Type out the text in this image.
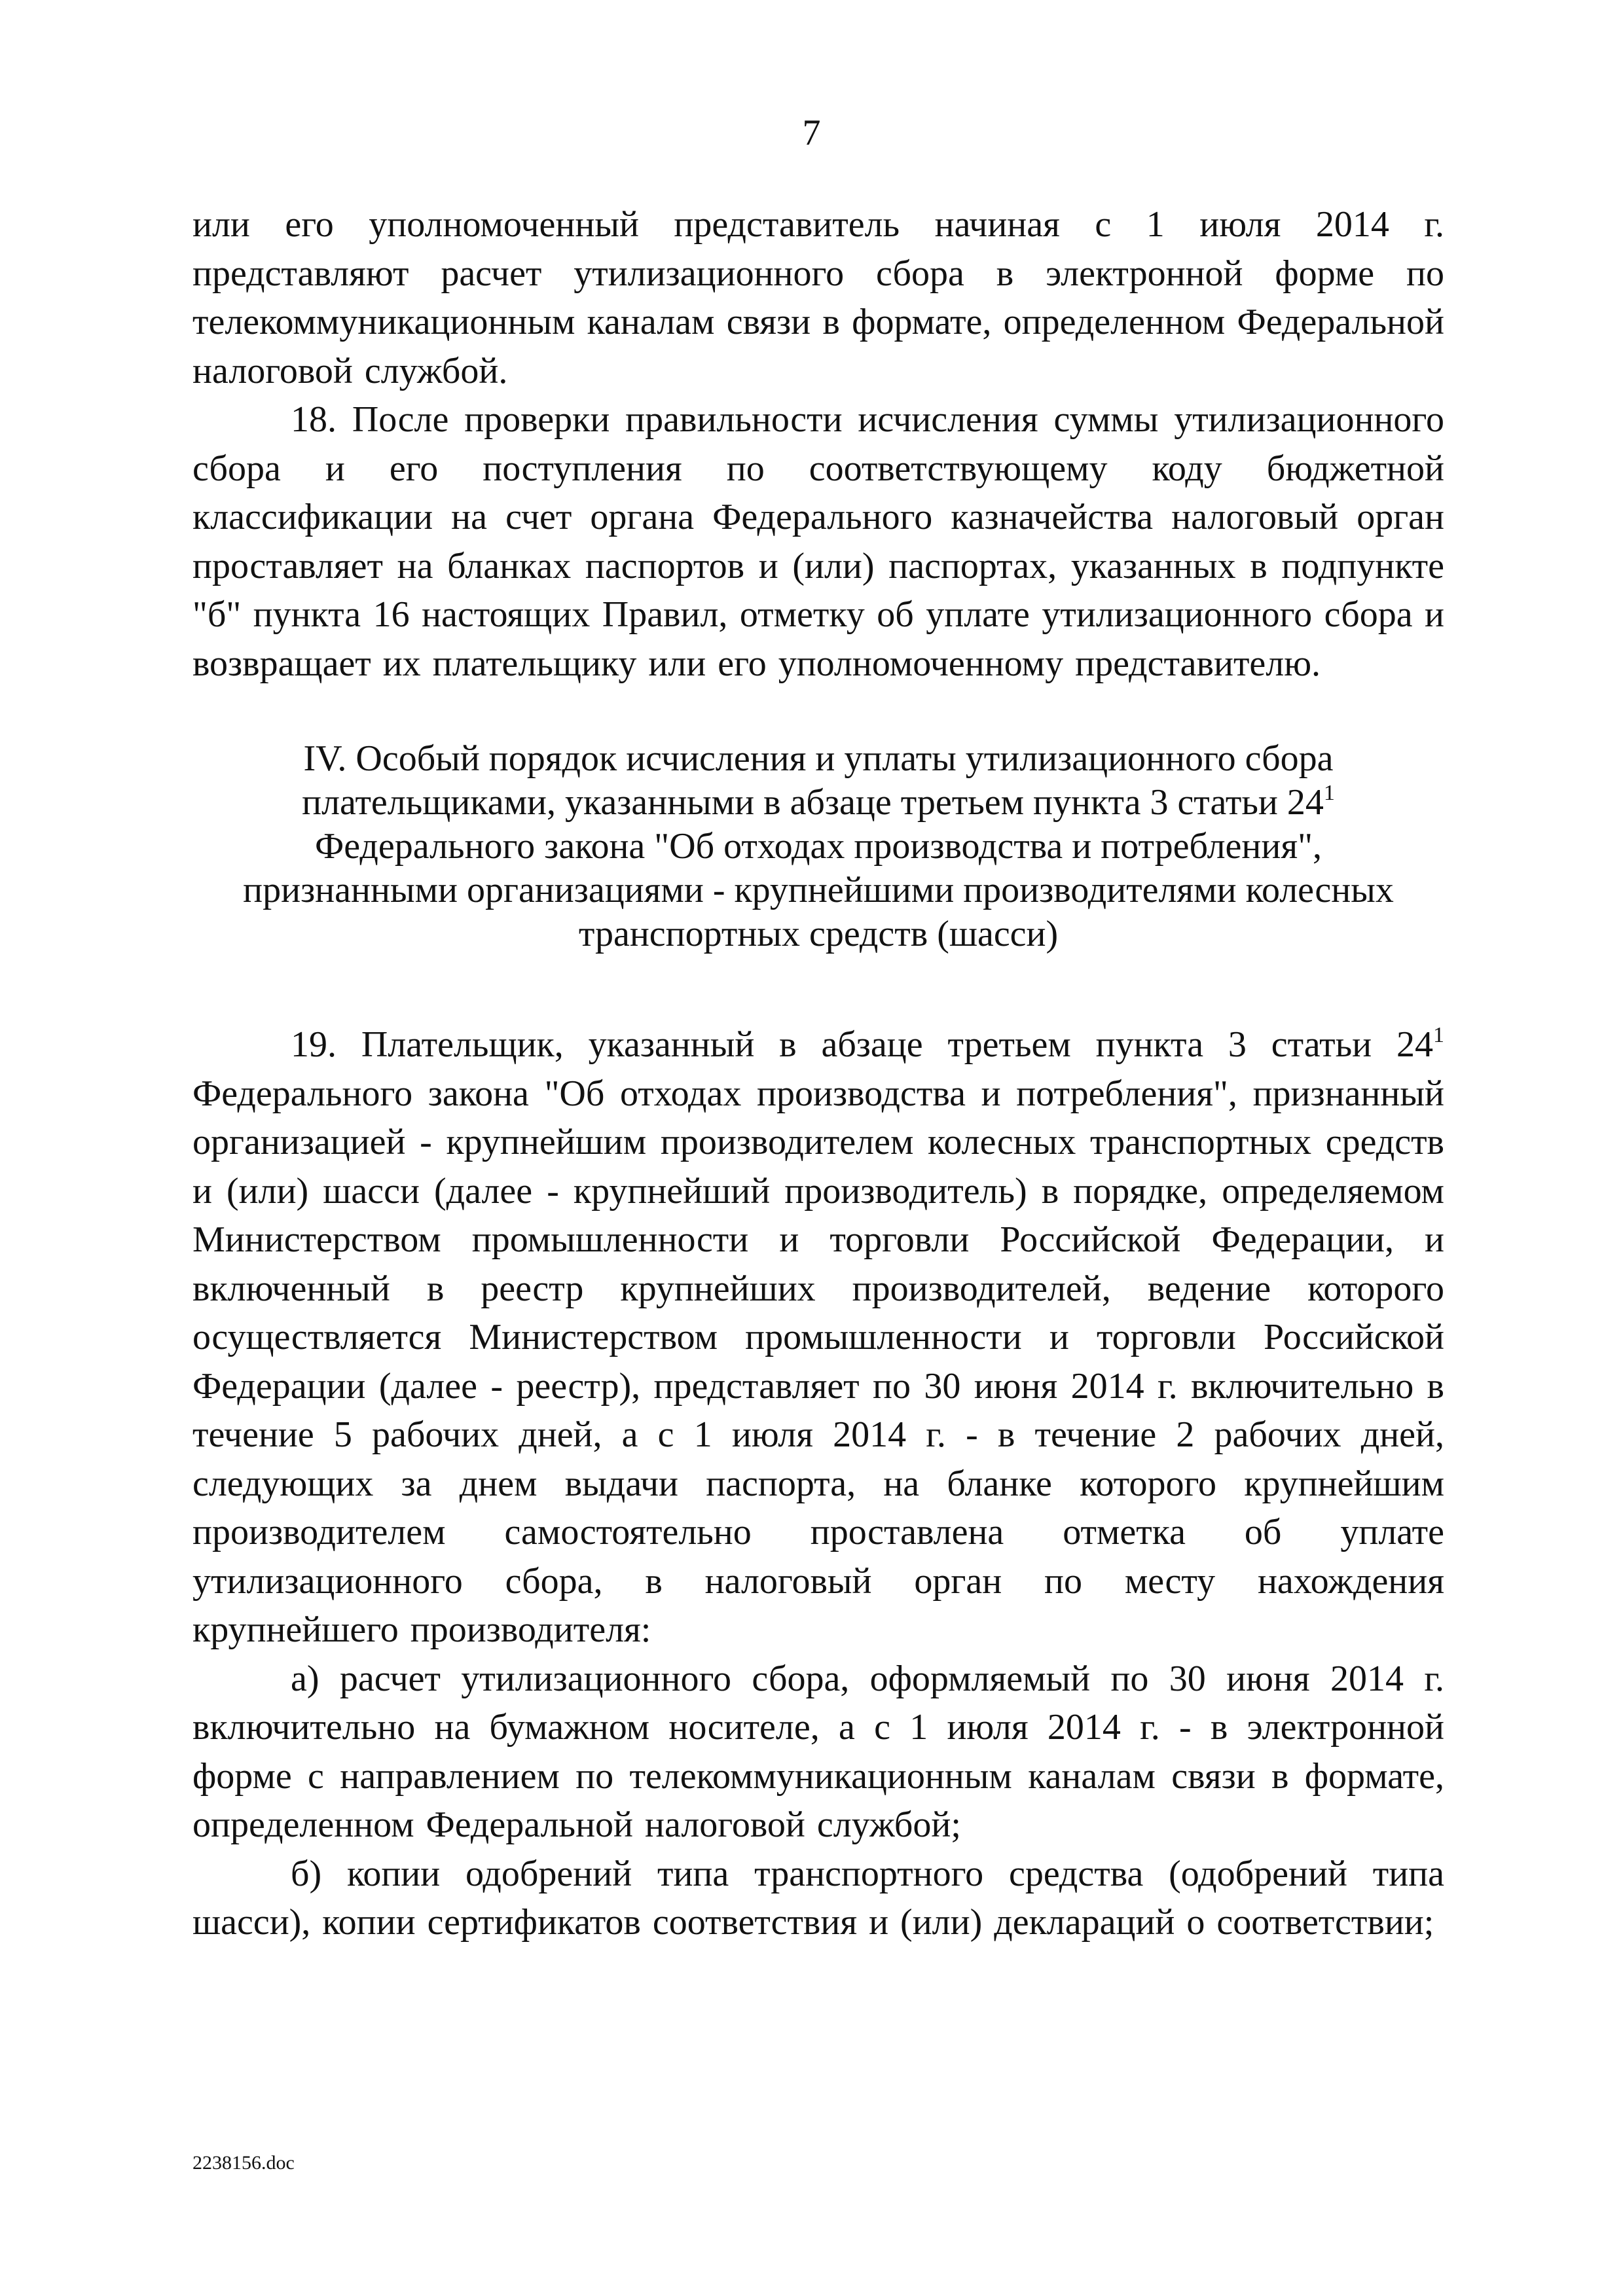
7

или его уполномоченный представитель начиная с 1 июля 2014 г. представляют расчет утилизационного сбора в электронной форме по телекоммуникационным каналам связи в формате, определенном Федеральной налоговой службой.

18. После проверки правильности исчисления суммы утилизационного сбора и его поступления по соответствующему коду бюджетной классификации на счет органа Федерального казначейства налоговый орган проставляет на бланках паспортов и (или) паспортах, указанных в подпункте "б" пункта 16 настоящих Правил, отметку об уплате утилизационного сбора и возвращает их плательщику или его уполномоченному представителю.

IV. Особый порядок исчисления и уплаты утилизационного сбора
плательщиками, указанными в абзаце третьем пункта 3 статьи $24^1$
Федерального закона "Об отходах производства и потребления",
признанными организациями - крупнейшими производителями колесных
транспортных средств (шасси)

19. Плательщик, указанный в абзаце третьем пункта 3 статьи $24^1$ Федерального закона "Об отходах производства и потребления", признанный организацией - крупнейшим производителем колесных транспортных средств и (или) шасси (далее - крупнейший производитель) в порядке, определяемом Министерством промышленности и торговли Российской Федерации, и включенный в реестр крупнейших производителей, ведение которого осуществляется Министерством промышленности и торговли Российской Федерации (далее - реестр), представляет по 30 июня 2014 г. включительно в течение 5 рабочих дней, а с 1 июля 2014 г. - в течение 2 рабочих дней, следующих за днем выдачи паспорта, на бланке которого крупнейшим производителем самостоятельно проставлена отметка об уплате утилизационного сбора, в налоговый орган по месту нахождения крупнейшего производителя:

а) расчет утилизационного сбора, оформляемый по 30 июня 2014 г. включительно на бумажном носителе, а с 1 июля 2014 г. - в электронной форме с направлением по телекоммуникационным каналам связи в формате, определенном Федеральной налоговой службой;

б) копии одобрений типа транспортного средства (одобрений типа шасси), копии сертификатов соответствия и (или) деклараций о соответствии;

2238156.doc
